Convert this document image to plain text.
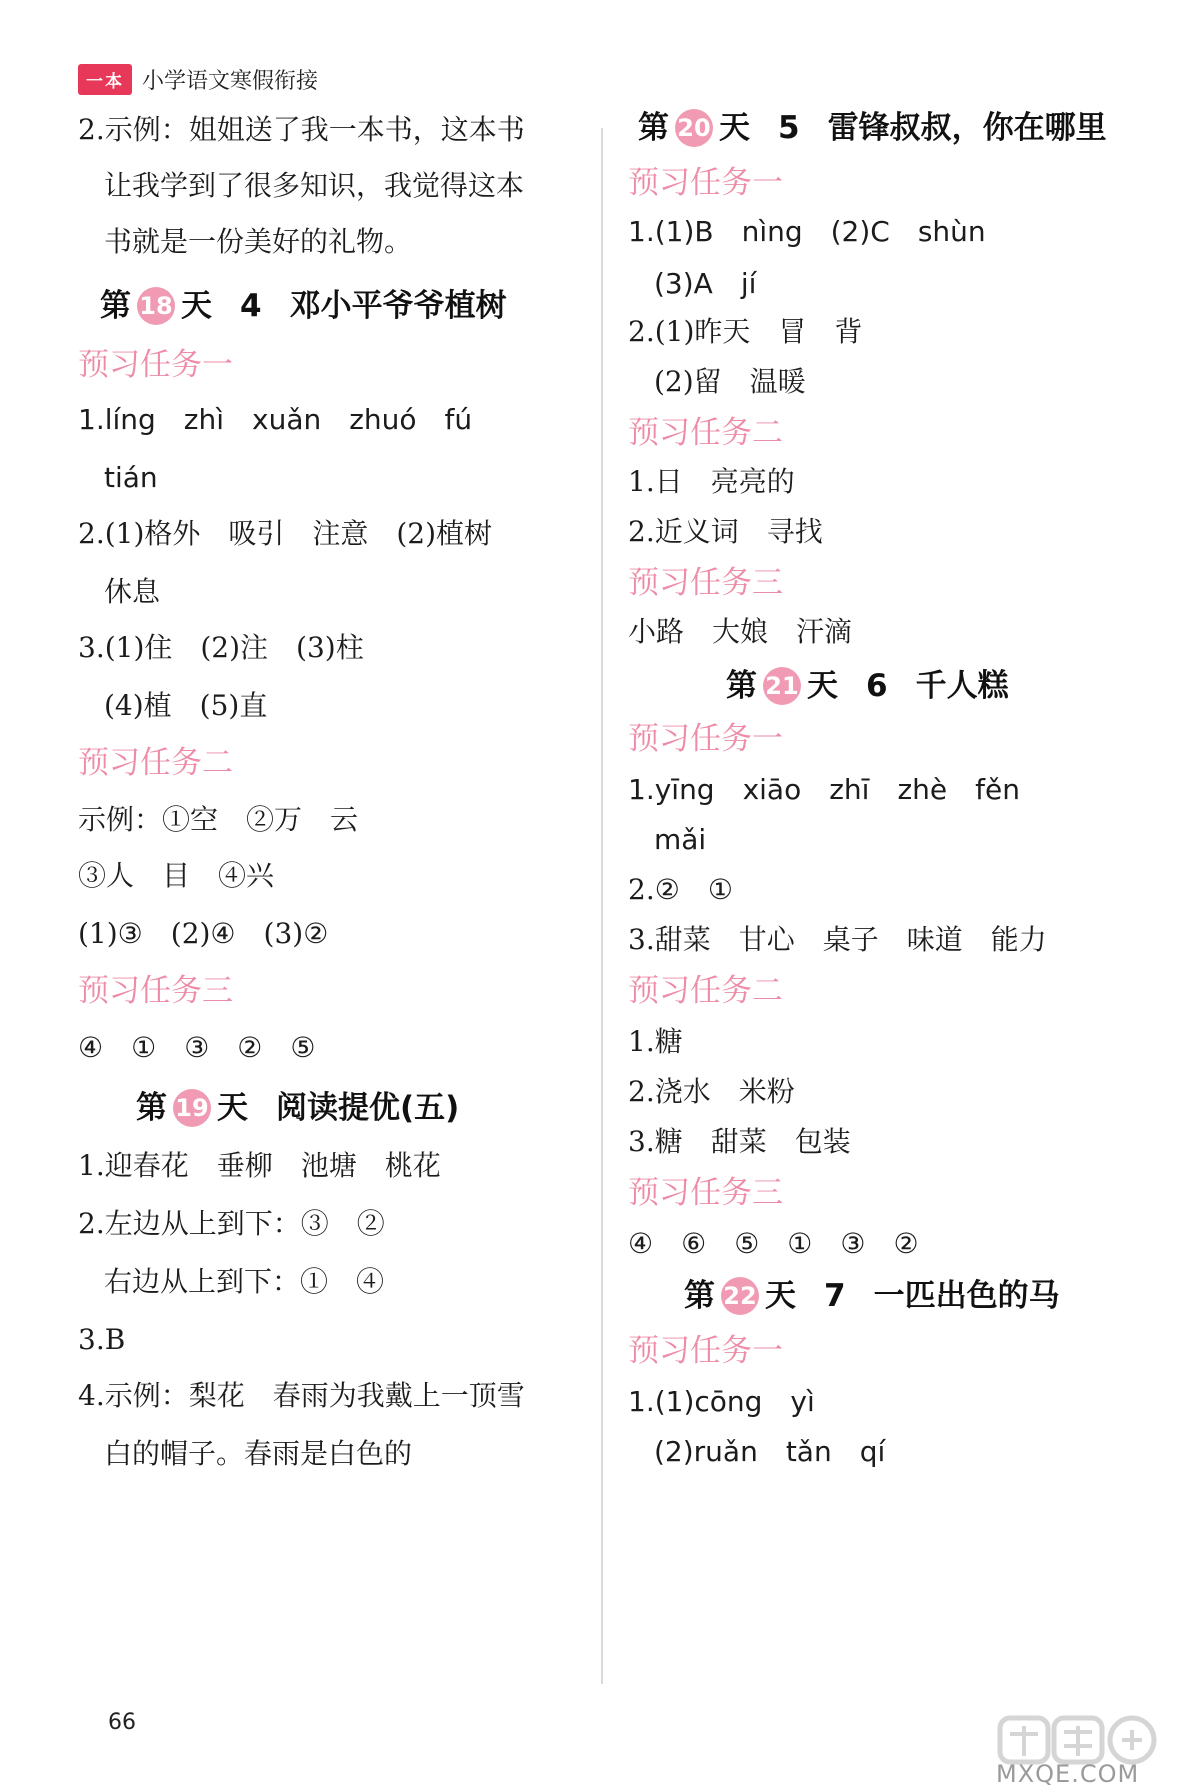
一本 小学语文寒假衔接
2.示例：姐姐送了我一本书，这本书
让我学到了很多知识，我觉得这本
书就是一份美好的礼物。
第 18 天 4 邓小平爷爷植树
预习任务一
1.líng　zhì　xuǎn　zhuó　fú
tián
2.(1)格外　吸引　注意　(2)植树
休息
3.(1)住　(2)注　(3)柱
(4)植　(5)直
预习任务二
示例：①空　②万　云
③人　目　④兴
(1)③　(2)④　(3)②
预习任务三
④　①　③　②　⑤
第 19 天 阅读提优(五)
1.迎春花　垂柳　池塘　桃花
2.左边从上到下：③　②
右边从上到下：①　④
3.B
4.示例：梨花　春雨为我戴上一顶雪
白的帽子。春雨是白色的
第 20 天 5 雷锋叔叔，你在哪里
预习任务一
1.(1)B　nìng　(2)C　shùn
(3)A　jí
2.(1)昨天　冒　背
(2)留　温暖
预习任务二
1.日　亮亮的
2.近义词　寻找
预习任务三
小路　大娘　汗滴
第 21 天 6 千人糕
预习任务一
1.yīng　xiāo　zhī　zhè　fěn
mǎi
2.②　①
3.甜菜　甘心　桌子　味道　能力
预习任务二
1.糖
2.浇水　米粉
3.糖　甜菜　包装
预习任务三
④　⑥　⑤　①　③　②
第 22 天 7 一匹出色的马
预习任务一
1.(1)cōng　yì
(2)ruǎn　tǎn　qí
66
MXQE.COM
